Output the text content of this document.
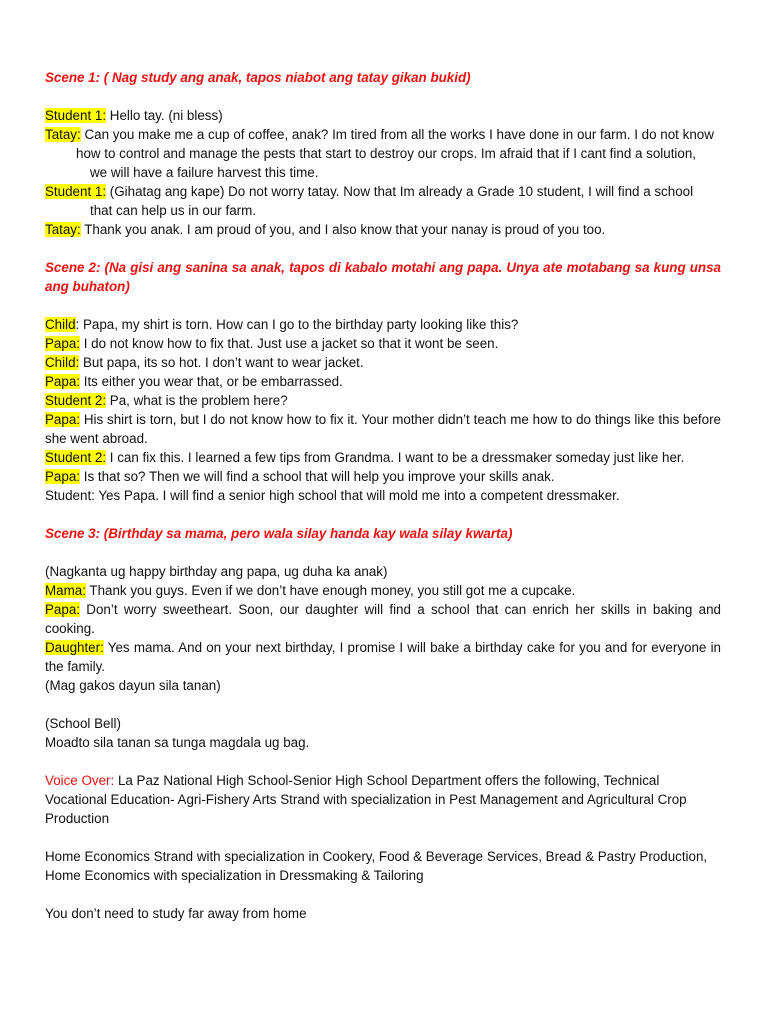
Scene 1: ( Nag study ang anak, tapos niabot ang tatay gikan bukid)

Student 1: Hello tay. (ni bless)

Tatay: Can you make me a cup of coffee, anak? Im tired from all the works I have done in our farm. I do not know

how to control and manage the pests that start to destroy our crops. Im afraid that if I cant find a solution,

we will have a failure harvest this time.

Student 1: (Gihatag ang kape) Do not worry tatay. Now that Im already a Grade 10 student, I will find a school

that can help us in our farm.

Tatay: Thank you anak. I am proud of you, and I also know that your nanay is proud of you too.

Scene 2: (Na gisi ang sanina sa anak, tapos di kabalo motahi ang papa. Unya ate motabang sa kung unsa ang buhaton)

Child: Papa, my shirt is torn. How can I go to the birthday party looking like this?

Papa: I do not know how to fix that. Just use a jacket so that it wont be seen.

Child: But papa, its so hot. I don’t want to wear jacket.

Papa: Its either you wear that, or be embarrassed.

Student 2: Pa, what is the problem here?

Papa: His shirt is torn, but I do not know how to fix it. Your mother didn’t teach me how to do things like this before she went abroad.

Student 2: I can fix this. I learned a few tips from Grandma. I want to be a dressmaker someday just like her.

Papa: Is that so? Then we will find a school that will help you improve your skills anak.

Student: Yes Papa. I will find a senior high school that will mold me into a competent dressmaker.

Scene 3: (Birthday sa mama, pero wala silay handa kay wala silay kwarta)

(Nagkanta ug happy birthday ang papa, ug duha ka anak)

Mama: Thank you guys. Even if we don’t have enough money, you still got me a cupcake.

Papa: Don’t worry sweetheart. Soon, our daughter will find a school that can enrich her skills in baking and cooking.

Daughter: Yes mama. And on your next birthday, I promise I will bake a birthday cake for you and for everyone in the family.

(Mag gakos dayun sila tanan)

(School Bell)

Moadto sila tanan sa tunga magdala ug bag.

Voice Over: La Paz National High School-Senior High School Department offers the following, Technical Vocational Education- Agri-Fishery Arts Strand with specialization in Pest Management and Agricultural Crop Production

Home Economics Strand with specialization in Cookery, Food & Beverage Services, Bread & Pastry Production, Home Economics with specialization in Dressmaking & Tailoring

You don’t need to study far away from home
